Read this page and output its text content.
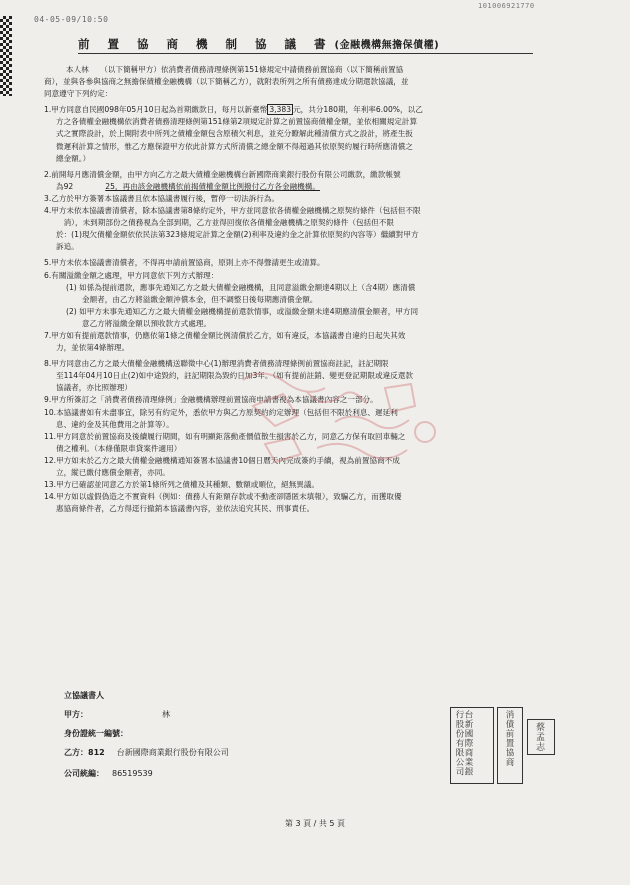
101006921770
04-05-09/10:50
前 置 協 商 機 制 協 議 書 (金融機構無擔保債權)

本人林　　（以下簡稱甲方）依消費者債務清理條例第151條規定中請債務前置協商（以下簡稱前置協

商），並與各參與協商之無擔保債權金融機構（以下簡稱乙方），就附表所列之所有債務達成分期還款協議，並

同意遵守下列約定：

1.甲方同意自民國098年05月10日起為首期繳款日，每月以新臺幣 3,383 元，共分180期，年利率6.00%，以乙

方之各債權金融機構依消費者債務清理條例第151條第2項規定計算之前置協商債權金額，並依相關規定計算

式之實際設計，於上開附表中所列之債權金額包含原積欠利息，並充分瞭解此種清償方式之設計，將產生扳

微遲利計算之情形，惟乙方應保證甲方依此計算方式所清償之總金額不得超過其依原契約履行時所應清償之

總金額。）

2.前開每月應清償金額，由甲方向乙方之最大債權金融機構台新國際商業銀行股份有限公司繳款，繳款帳號

為92	25，再由該金融機構依前揭債權金額比例撥付乙方各金融機構。

3.乙方於甲方簽署本協議書且依本協議書履行後，暫停一切法訴行為。

4.甲方未依本協議書清償者，除本協議書第8條約定外，甲方並同意依各債權金融機構之原契約條件（包括但不限

　消），未到期部份之債務視為全部到期，乙方並得回復依各債權金融機構之原契約條件（包括但不限

於：(1)現欠債權金額依依民法第323條規定計算之金額(2)利率及違約金之計算依原契約內容等）繼續對甲方

訴追。

5.甲方未依本協議書清償者，不得再申請前置協商，原則上亦不得聲請更生或清算。

6.有關溢繳金額之處理，甲方同意依下列方式辦理：

(1) 如係為提前還款，應事先通知乙方之最大債權金融機構，且同意溢繳金額達4期以上（含4期）應清償

金額者，由乙方將溢繳金額沖償本金，但不調整日後每期應清償金額。

(2) 如甲方未事先通知乙方之最大債權金融機構提前還款情事，或溢繳金額未達4期應清償金額者，甲方同

意乙方將溢繳金額以預收款方式處理。

7.甲方如有提前還款情事，仍應依第1條之債權金額比例清償於乙方，如有違反，本協議書自違約日起失其效

力，並依第4條辦理。

8.甲方同意由乙方之最大債權金融機構送聯徵中心(1)辦理消費者債務清理條例前置協商註記，註記期限

至114年04月10日止(2)如中途毀約，註記期限為毀約日加3年。（如有提前註銷、變更登記期限或違反還款

協議者，亦比照辦理）

9.甲方所簽訂之「消費者債務清理條例」金融機構辦理前置協商申請書視為本協議書內容之一部分。

10.本協議書如有未盡事宜，除另有約定外，悉依甲方與乙方原契約約定辦理（包括但不限於利息、遲延利

息、違約金及其他費用之計算等）。

11.甲方同意於前置協商及後續履行期間，如有明顯鉅落動產價值散生損害於乙方，同意乙方保有取回車輛之

債之權利。（本條僅限車貸案件適用）

12.甲方如未於乙方之最大債權金融機構通知簽署本協議書10個日曆天內完成簽約手續，視為前置協商不成

立，縱已繳付應償金額者，亦同。

13.甲方已確認並同意乙方於第1條所列之債權及其種類、數額或順位，絕無異議。

14.甲方如以虛假偽造之不實資料（例如：債務人有鉅額存款或不動產卻隱匿未填報），致騙乙方，而獲取優

惠協商條件者，乙方得逕行撤銷本協議書內容，並依法追究其民、刑事責任。

立協議書人
甲方：	林
身份證統一編號：
乙方：812 台新國際商業銀行股份有限公司
公司統編： 86519539	台新國際商業銀行股份有限公司	消債前置協商 蔡孟志
第 3 頁 / 共 5 頁
